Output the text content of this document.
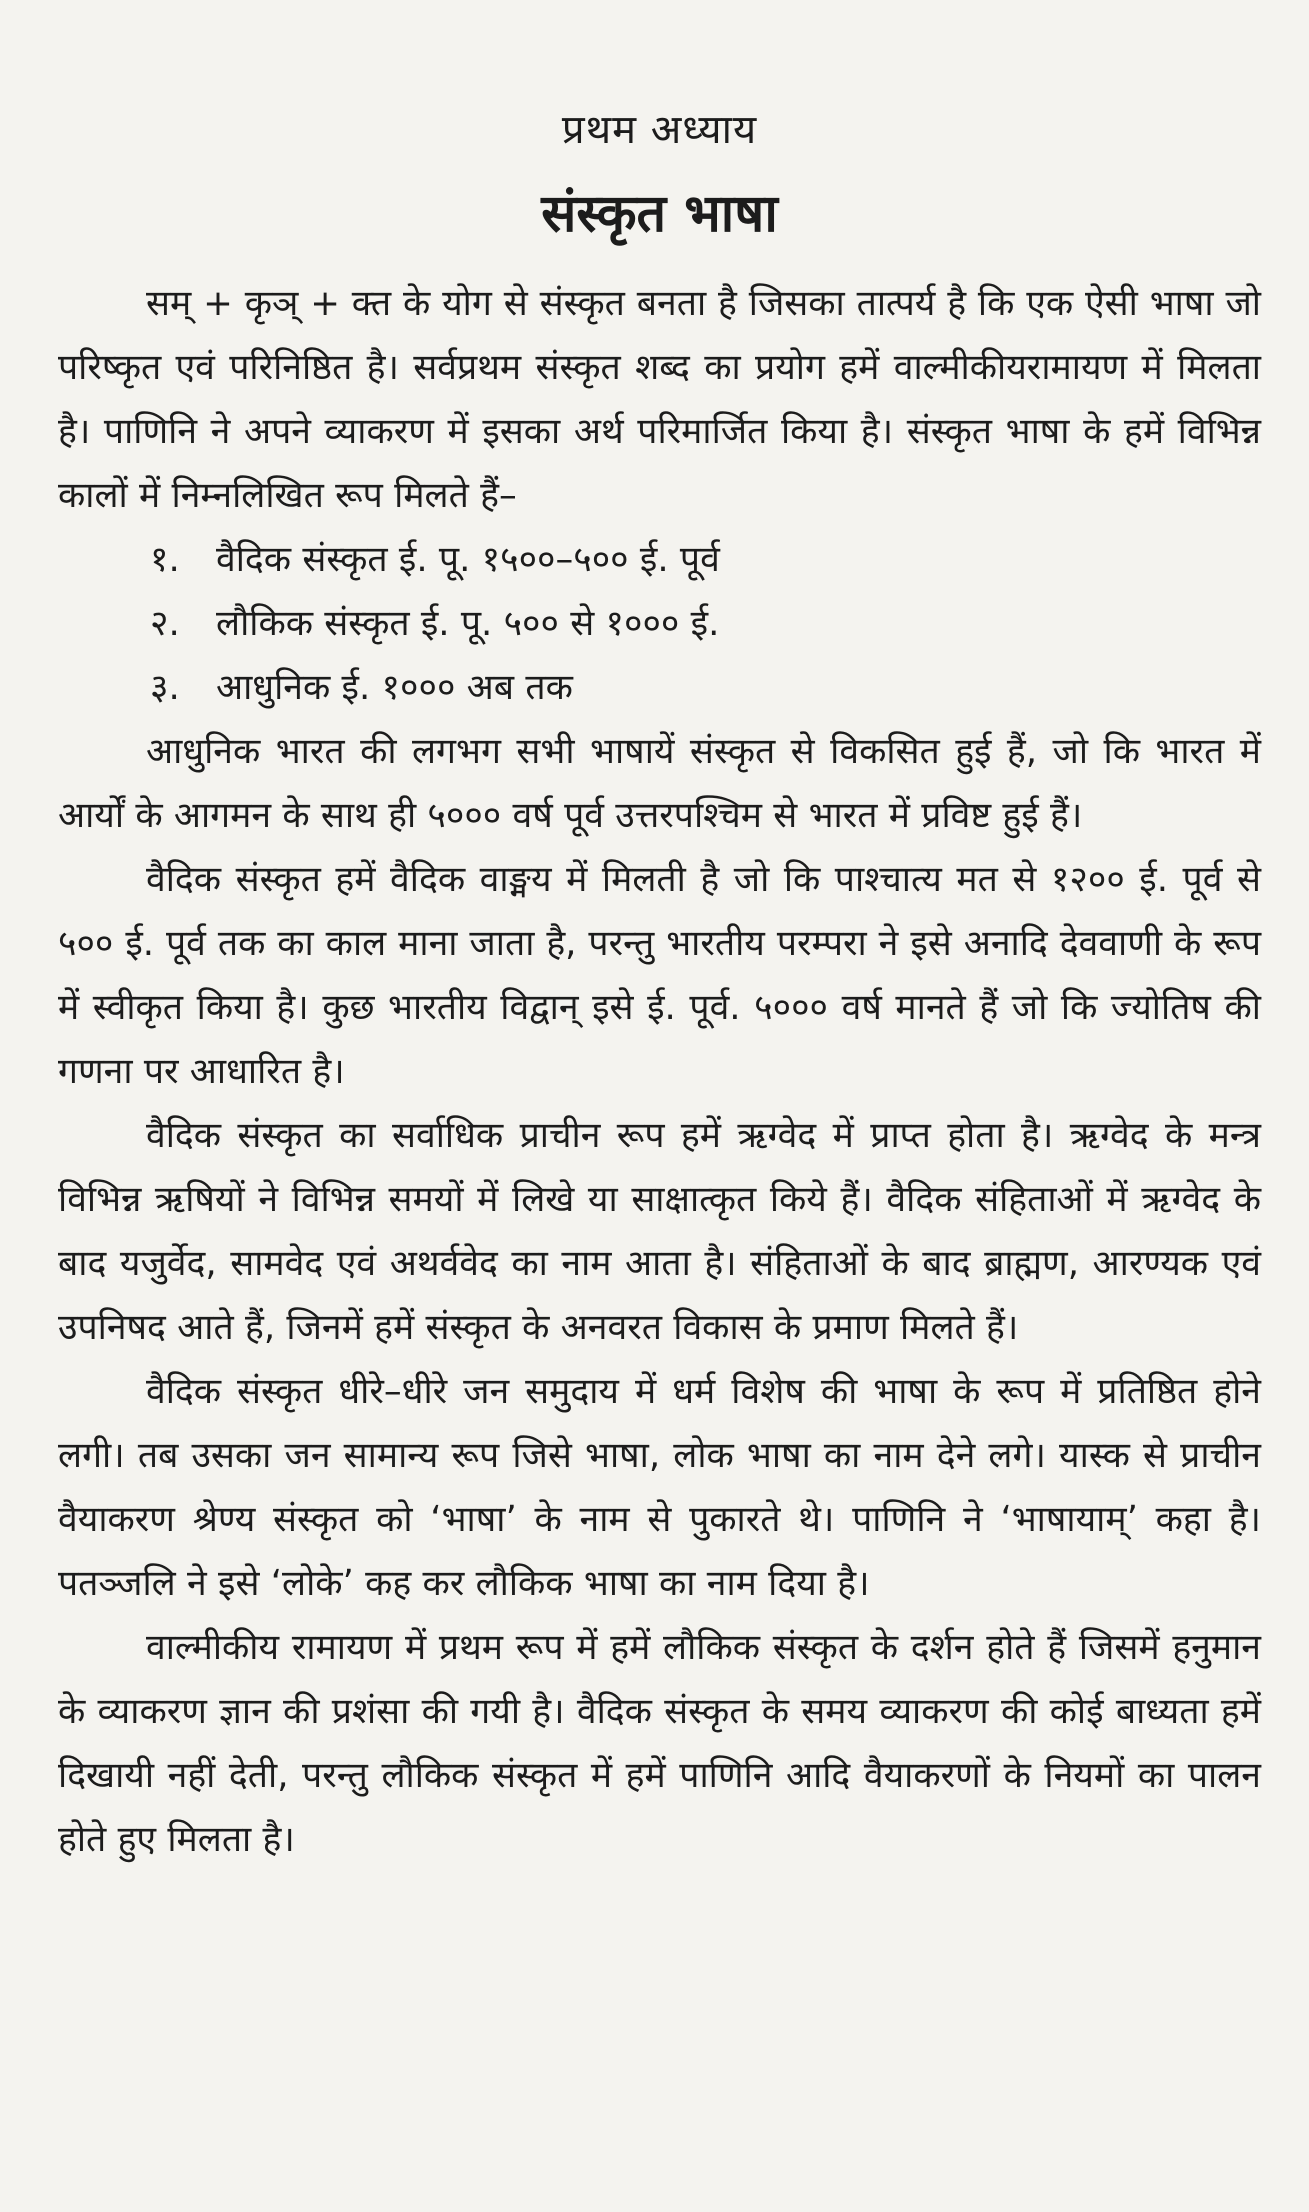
प्रथम अध्याय
संस्कृत भाषा

सम् + कृञ् + क्त के योग से संस्कृत बनता है जिसका तात्पर्य है कि एक ऐसी भाषा जो परिष्कृत एवं परिनिष्ठित है। सर्वप्रथम संस्कृत शब्द का प्रयोग हमें वाल्मीकीयरामायण में मिलता है। पाणिनि ने अपने व्याकरण में इसका अर्थ परिमार्जित किया है। संस्कृत भाषा के हमें विभिन्न कालों में निम्नलिखित रूप मिलते हैं–

१.	वैदिक संस्कृत ई. पू. १५००–५०० ई. पूर्व
२.	लौकिक संस्कृत ई. पू. ५०० से १००० ई.
३.	आधुनिक ई. १००० अब तक

आधुनिक भारत की लगभग सभी भाषायें संस्कृत से विकसित हुई हैं, जो कि भारत में आर्यों के आगमन के साथ ही ५००० वर्ष पूर्व उत्तरपश्चिम से भारत में प्रविष्ट हुई हैं।

वैदिक संस्कृत हमें वैदिक वाङ्मय में मिलती है जो कि पाश्चात्य मत से १२०० ई. पूर्व से ५०० ई. पूर्व तक का काल माना जाता है, परन्तु भारतीय परम्परा ने इसे अनादि देववाणी के रूप में स्वीकृत किया है। कुछ भारतीय विद्वान् इसे ई. पूर्व. ५००० वर्ष मानते हैं जो कि ज्योतिष की गणना पर आधारित है।

वैदिक संस्कृत का सर्वाधिक प्राचीन रूप हमें ऋग्वेद में प्राप्त होता है। ऋग्वेद के मन्त्र विभिन्न ऋषियों ने विभिन्न समयों में लिखे या साक्षात्कृत किये हैं। वैदिक संहिताओं में ऋग्वेद के बाद यजुर्वेद, सामवेद एवं अथर्ववेद का नाम आता है। संहिताओं के बाद ब्राह्मण, आरण्यक एवं उपनिषद आते हैं, जिनमें हमें संस्कृत के अनवरत विकास के प्रमाण मिलते हैं।

वैदिक संस्कृत धीरे–धीरे जन समुदाय में धर्म विशेष की भाषा के रूप में प्रतिष्ठित होने लगी। तब उसका जन सामान्य रूप जिसे भाषा, लोक भाषा का नाम देने लगे। यास्क से प्राचीन वैयाकरण श्रेण्य संस्कृत को ‘भाषा’ के नाम से पुकारते थे। पाणिनि ने ‘भाषायाम्’ कहा है। पतञ्जलि ने इसे ‘लोके’ कह कर लौकिक भाषा का नाम दिया है।

वाल्मीकीय रामायण में प्रथम रूप में हमें लौकिक संस्कृत के दर्शन होते हैं जिसमें हनुमान के व्याकरण ज्ञान की प्रशंसा की गयी है। वैदिक संस्कृत के समय व्याकरण की कोई बाध्यता हमें दिखायी नहीं देती, परन्तु लौकिक संस्कृत में हमें पाणिनि आदि वैयाकरणों के नियमों का पालन होते हुए मिलता है।
